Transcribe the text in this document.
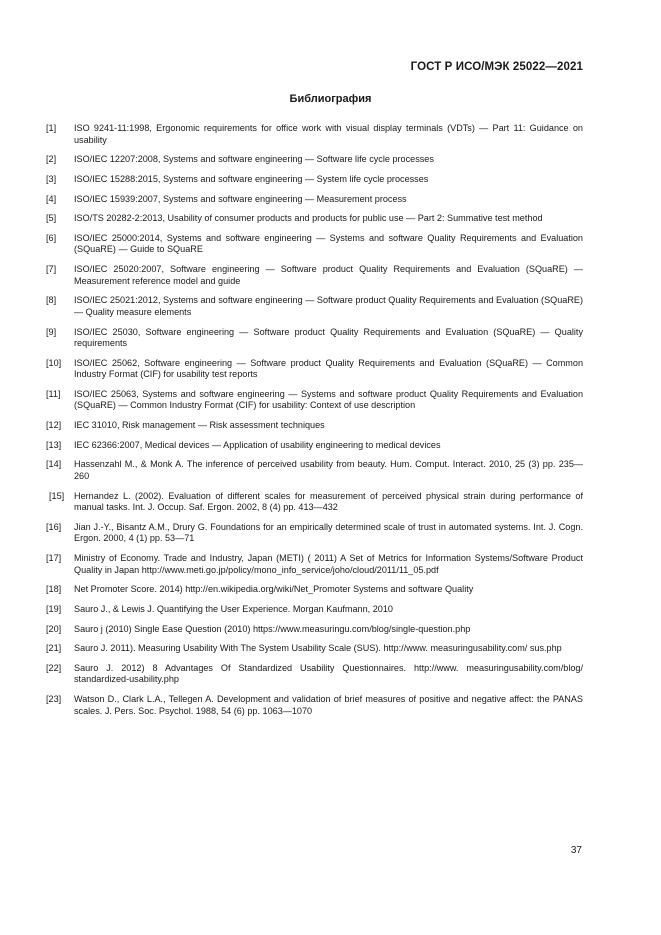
ГОСТ Р ИСО/МЭК 25022—2021
Библиография
[1]	ISO 9241-11:1998, Ergonomic requirements for office work with visual display terminals (VDTs) — Part 11: Guidance on usability
[2]	ISO/IEC 12207:2008, Systems and software engineering — Software life cycle processes
[3]	ISO/IEC 15288:2015, Systems and software engineering — System life cycle processes
[4]	ISO/IEC 15939:2007, Systems and software engineering — Measurement process
[5]	ISO/TS 20282-2:2013, Usability of consumer products and products for public use — Part 2: Summative test method
[6]	ISO/IEC 25000:2014, Systems and software engineering — Systems and software Quality Requirements and Evaluation (SQuaRE) — Guide to SQuaRE
[7]	ISO/IEC 25020:2007, Software engineering — Software product Quality Requirements and Evaluation (SQuaRE) — Measurement reference model and guide
[8]	ISO/IEC 25021:2012, Systems and software engineering — Software product Quality Requirements and Evaluation (SQuaRE) — Quality measure elements
[9]	ISO/IEC 25030, Software engineering — Software product Quality Requirements and Evaluation (SQuaRE) — Quality requirements
[10]	ISO/IEC 25062, Software engineering — Software product Quality Requirements and Evaluation (SQuaRE) — Common Industry Format (CIF) for usability test reports
[11]	ISO/IEC 25063, Systems and software engineering — Systems and software product Quality Requirements and Evaluation (SQuaRE) — Common Industry Format (CIF) for usability: Context of use description
[12]	IEC 31010, Risk management — Risk assessment techniques
[13]	IEC 62366:2007, Medical devices — Application of usability engineering to medical devices
[14]	Hassenzahl M., & Monk A. The inference of perceived usability from beauty. Hum. Comput. Interact. 2010, 25 (3) pp. 235—260
[15]	Hernandez L. (2002). Evaluation of different scales for measurement of perceived physical strain during performance of manual tasks. Int. J. Occup. Saf. Ergon. 2002, 8 (4) pp. 413—432
[16]	Jian J.-Y., Bisantz A.M., Drury G. Foundations for an empirically determined scale of trust in automated systems. Int. J. Cogn. Ergon. 2000, 4 (1) pp. 53—71
[17]	Ministry of Economy. Trade and Industry, Japan (METI) ( 2011) A Set of Metrics for Information Systems/Software Product Quality in Japan http://www.meti.go.jp/policy/mono_info_service/joho/cloud/2011/11_05.pdf
[18]	Net Promoter Score. 2014) http://en.wikipedia.org/wiki/Net_Promoter Systems and software Quality
[19]	Sauro J., & Lewis J. Quantifying the User Experience. Morgan Kaufmann, 2010
[20]	Sauro j (2010) Single Ease Question (2010) https://www.measuringu.com/blog/single-question.php
[21]	Sauro J. 2011). Measuring Usability With The System Usability Scale (SUS). http://www. measuringusability.com/ sus.php
[22]	Sauro J. 2012) 8 Advantages Of Standardized Usability Questionnaires. http://www. measuringusability.com/blog/ standardized-usability.php
[23]	Watson D., Clark L.A., Tellegen A. Development and validation of brief measures of positive and negative affect: the PANAS scales. J. Pers. Soc. Psychol. 1988, 54 (6) pp. 1063—1070
37
